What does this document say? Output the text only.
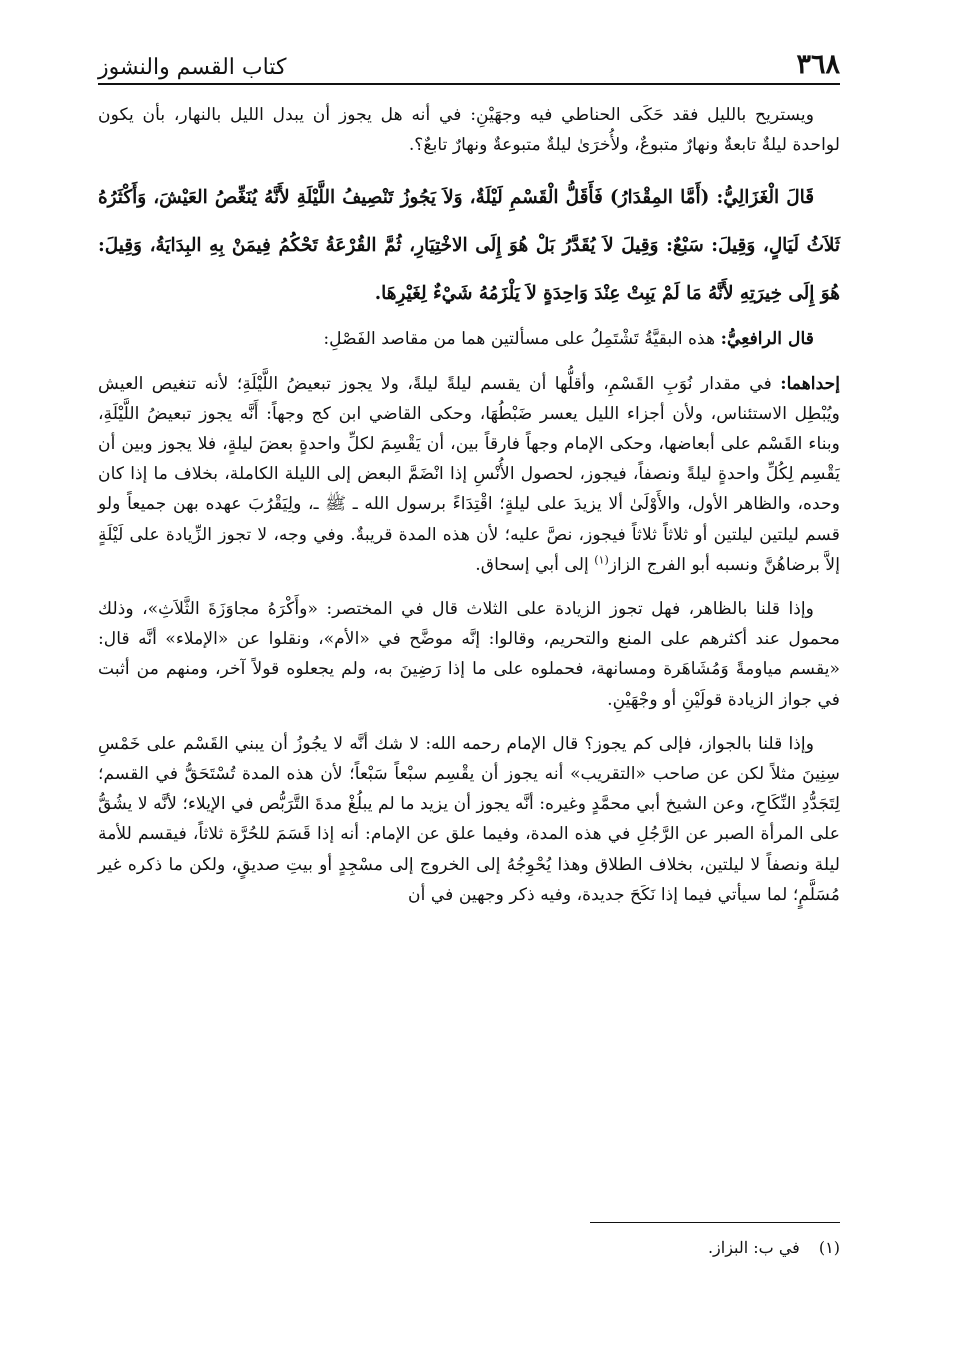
٣٦٨
كتاب القسم والنشوز

ويستريح بالليل فقد حَكَى الحناطي فيه وجهَيْنِ: في أنه هل يجوز أن يبدل الليل بالنهار، بأن يكون لواحدة ليلةٌ تابعةٌ ونهارٌ متبوعٌ، ولأُخرَىٰ ليلةٌ متبوعةٌ ونهارٌ تابعٌ؟.

قَالَ الْغَزَالِيُّ: (أَمَّا المِقْدَارُ) فَأَقَلُّ الْقَسْمِ لَيْلَةٌ، وَلاَ يَجُوزُ تَنْصِيفُ اللَّيْلَةِ لأَنَّهُ يُنَغِّصُ العَيْشَ، وَأَكْثَرُهُ ثَلاَثُ لَيَالٍ، وَقِيلَ: سَبْعٌ: وَقِيلَ لاَ يُقَدَّرُ بَلْ هُوَ إِلَى الاخْتِيَارِ، ثُمَّ القُرْعَةُ تَحْكُمُ فِيمَنْ بِهِ البِدَايَةُ، وَقِيلَ: هُوَ إِلَى خِيرَتِهِ لأَنَّهُ مَا لَمْ يَبِتْ عِنْدَ وَاحِدَةٍ لاَ يَلْزَمُهُ شَيْءٌ لِغَيْرِهَا.

قال الرافعِيُّ: هذه البقيَّةُ تَشْتَمِلُ على مسألتين هما من مقاصد الفَصْلِ:

إحداهما: في مقدار نُوَبِ القَسْمِ، وأقلُّها أن يقسم ليلةً ليلةً، ولا يجوز تبعيضُ اللَّيْلَةِ؛ لأنه تنغيص العيش ويُبْطِل الاستئناس، ولأن أجزاء الليل يعسر ضَبْطُهَا، وحكى القاضي ابن كج وجهاً: أَنَّه يجوز تبعيضُ اللَّيْلَةِ، وبناء القَسْم على أبعاضها، وحكى الإمام وجهاً فارقاً بين، أن يَقْسِمَ لكلِّ واحدةٍ بعضَ ليلةٍ، فلا يجوز وبين أن يَقْسِم لِكُلِّ واحدةٍ ليلةً ونصفاً، فيجوز، لحصول الأُنْسِ إذا انْضَمَّ البعض إلى الليلة الكاملة، بخلاف ما إذا كان وحده، والظاهر الأول، والأَوْلَىٰ ألا يزيدَ على ليلةٍ؛ اقْتِدَاءً برسول الله ـ ﷺ ـ، ولِيَقْرُبَ عهده بهن جميعاً ولو قسم ليلتين ليلتين أو ثلاثاً ثلاثاً فيجوز، نصَّ عليه؛ لأن هذه المدة قريبةٌ. وفي وجه، لا تجوز الزِّيادة على لَيْلَةٍ إلاَّ برضاهُنَّ ونسبه أبو الفرج الزاز$^{(١)}$ إلى أبي إسحاق.

وإذا قلنا بالظاهر، فهل تجوز الزيادة على الثلاث قال في المختصر: «وأَكْرَهُ مجاوَزَةَ الثَّلاَثِ»، وذلك محمول عند أكثرهم على المنع والتحريم، وقالوا: إنَّه موضَّح في «الأم»، ونقلوا عن «الإملاء» أنَّه قال: «يقسم مياومةً وَمُشَاهَرة ومسانهة، فحملوه على ما إذا رَضِينَ به، ولم يجعلوه قولاً آخر، ومنهم من أثبت في جواز الزيادة قولَيْنِ أو وجْهَيْنِ.

وإذا قلنا بالجواز، فإلى كم يجوز؟ قال الإمام رحمه الله: لا شك أنَّه لا يجُوزُ أن يبني القَسْم على خَمْسِ سِنِينَ مثلاً لكن عن صاحب «التقريب» أنه يجوز أن يقْسِم سبْعاً سَبْعاً؛ لأن هذه المدة تُسْتَحَقُّ في القسم؛ لِتَجَدُّدِ النِّكَاحِ، وعن الشيخ أبي محمَّدٍ وغيره: أنَّه يجوز أن يزيد ما لم يبلُغْ مدةَ التَّرَبُّص في الإيلاء؛ لأنَّه لا يشُقُّ على المرأة الصبر عن الرَّجُلِ في هذه المدة، وفيما علق عن الإمام: أنه إذا قَسَمَ للحُرَّة ثلاثاً، فيقسم للأمة ليلة ونصفاً لا ليلتين، بخلاف الطلاق وهذا يُحْوِجُهُ إلى الخروج إلى مسْجِدٍ أو بيتِ صديقٍ، ولكن ما ذكره غير مُسَلَّمٍ؛ لما سيأتي فيما إذا نَكَحَ جديدة، وفيه ذكر وجهين في أن

(١) في ب: البزاز.
